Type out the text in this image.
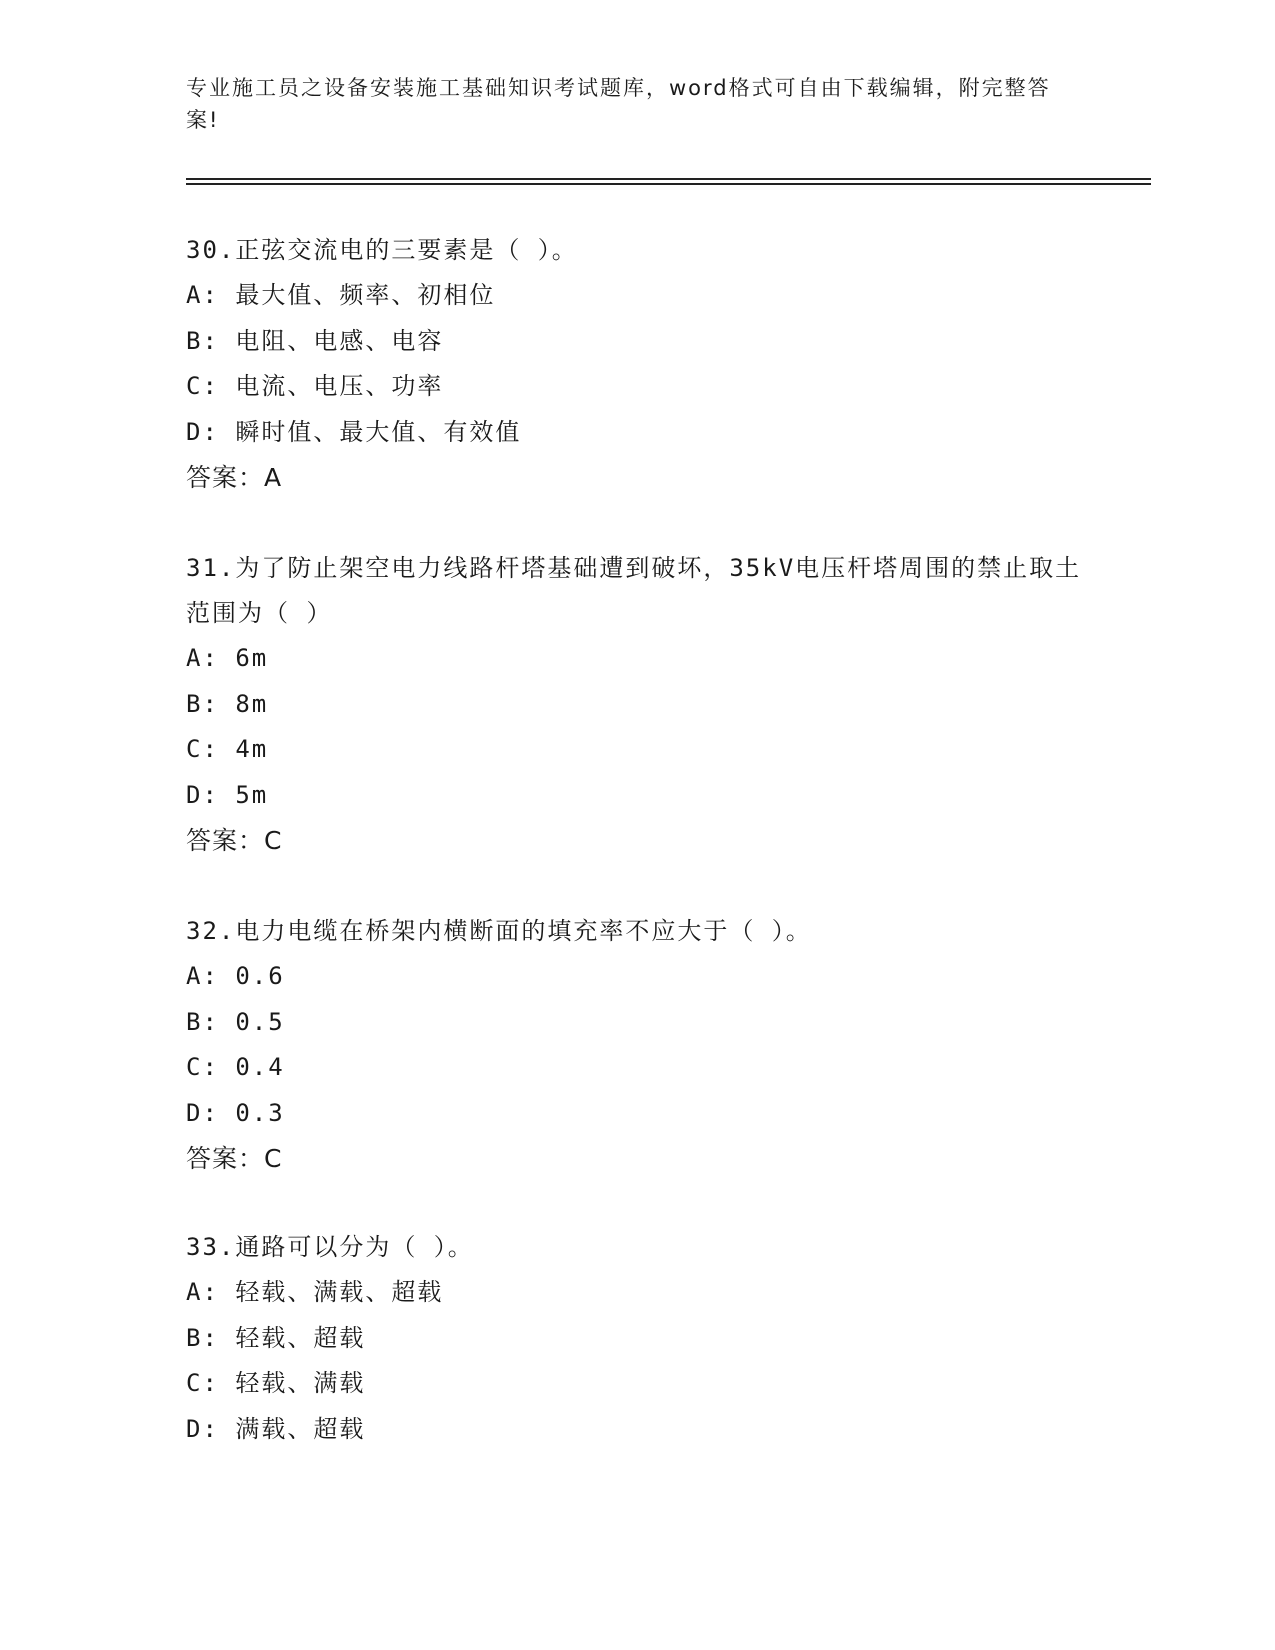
专业施工员之设备安装施工基础知识考试题库，word格式可自由下载编辑，附完整答案!

30.正弦交流电的三要素是（ ）。

A: 最大值、频率、初相位

B: 电阻、电感、电容

C: 电流、电压、功率

D: 瞬时值、最大值、有效值

答案：A

31.为了防止架空电力线路杆塔基础遭到破坏，35kV电压杆塔周围的禁止取土范围为（ ）

A: 6m

B: 8m

C: 4m

D: 5m

答案：C

32.电力电缆在桥架内横断面的填充率不应大于（ ）。

A: 0.6

B: 0.5

C: 0.4

D: 0.3

答案：C

33.通路可以分为（ ）。

A: 轻载、满载、超载

B: 轻载、超载

C: 轻载、满载

D: 满载、超载
